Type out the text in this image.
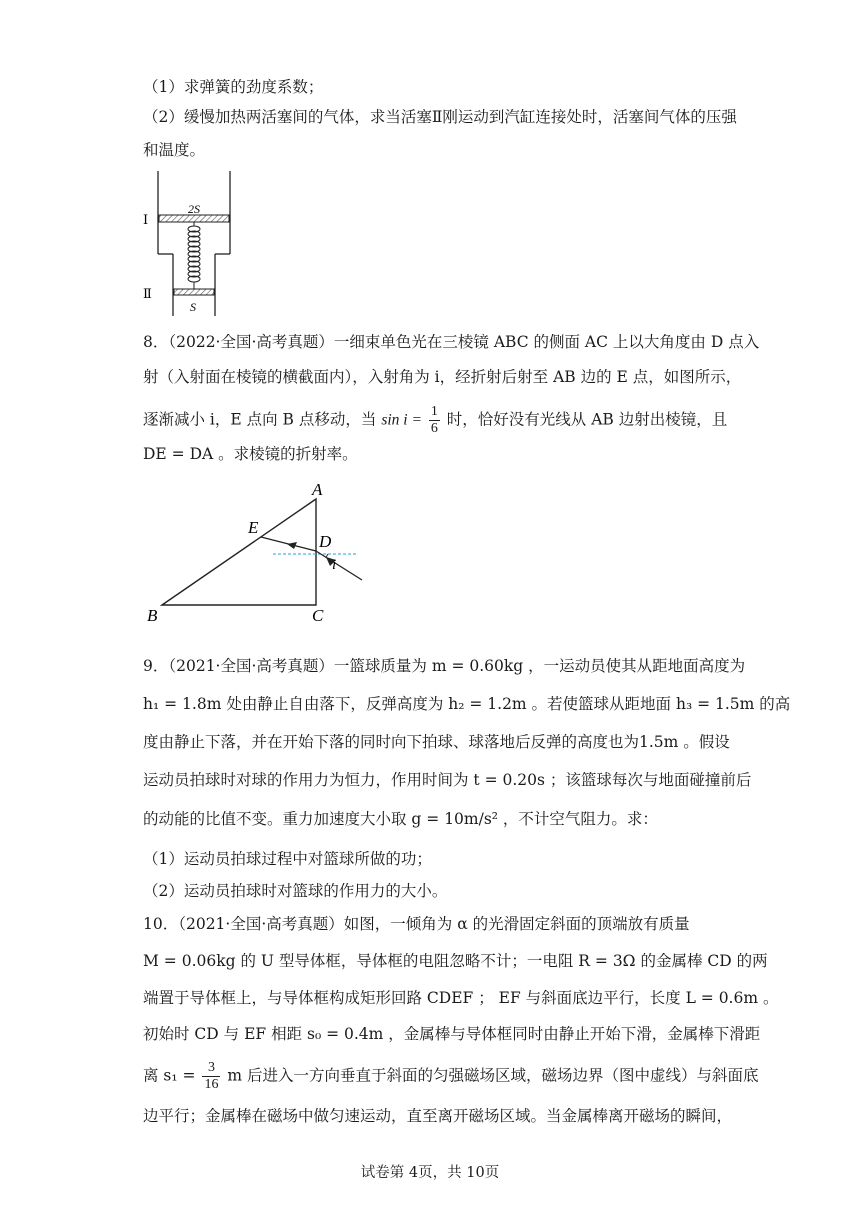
（1）求弹簧的劲度系数；
（2）缓慢加热两活塞间的气体，求当活塞Ⅱ刚运动到汽缸连接处时，活塞间气体的压强
和温度。
2S
S
Ⅰ
Ⅱ
8．（2022·全国·高考真题）一细束单色光在三棱镜 ABC 的侧面 AC 上以大角度由 D 点入
射（入射面在棱镜的横截面内），入射角为 i，经折射后射至 AB 边的 E 点，如图所示，
逐渐减小 i，E 点向 B 点移动，当 $\sin i = \frac{1}{6}$ 时，恰好没有光线从 AB 边射出棱镜，且
DE = DA 。求棱镜的折射率。
A
B	C
D
E
i
9．（2021·全国·高考真题）一篮球质量为 m = 0.60kg ，一运动员使其从距地面高度为
h₁ = 1.8m 处由静止自由落下，反弹高度为 h₂ = 1.2m 。若使篮球从距地面 h₃ = 1.5m 的高
度由静止下落，并在开始下落的同时向下拍球、球落地后反弹的高度也为1.5m 。假设
运动员拍球时对球的作用力为恒力，作用时间为 t = 0.20s ；该篮球每次与地面碰撞前后
的动能的比值不变。重力加速度大小取 g = 10m/s² ，不计空气阻力。求：
（1）运动员拍球过程中对篮球所做的功；
（2）运动员拍球时对篮球的作用力的大小。
10．（2021·全国·高考真题）如图，一倾角为 α 的光滑固定斜面的顶端放有质量
M = 0.06kg 的 U 型导体框，导体框的电阻忽略不计；一电阻 R = 3Ω 的金属棒 CD 的两
端置于导体框上，与导体框构成矩形回路 CDEF ； EF 与斜面底边平行，长度 L = 0.6m 。
初始时 CD 与 EF 相距 s₀ = 0.4m ，金属棒与导体框同时由静止开始下滑，金属棒下滑距
离 $s_1 = \frac{3}{16}$ m 后进入一方向垂直于斜面的匀强磁场区域，磁场边界（图中虚线）与斜面底
边平行；金属棒在磁场中做匀速运动，直至离开磁场区域。当金属棒离开磁场的瞬间，
试卷第 4页，共 10页
